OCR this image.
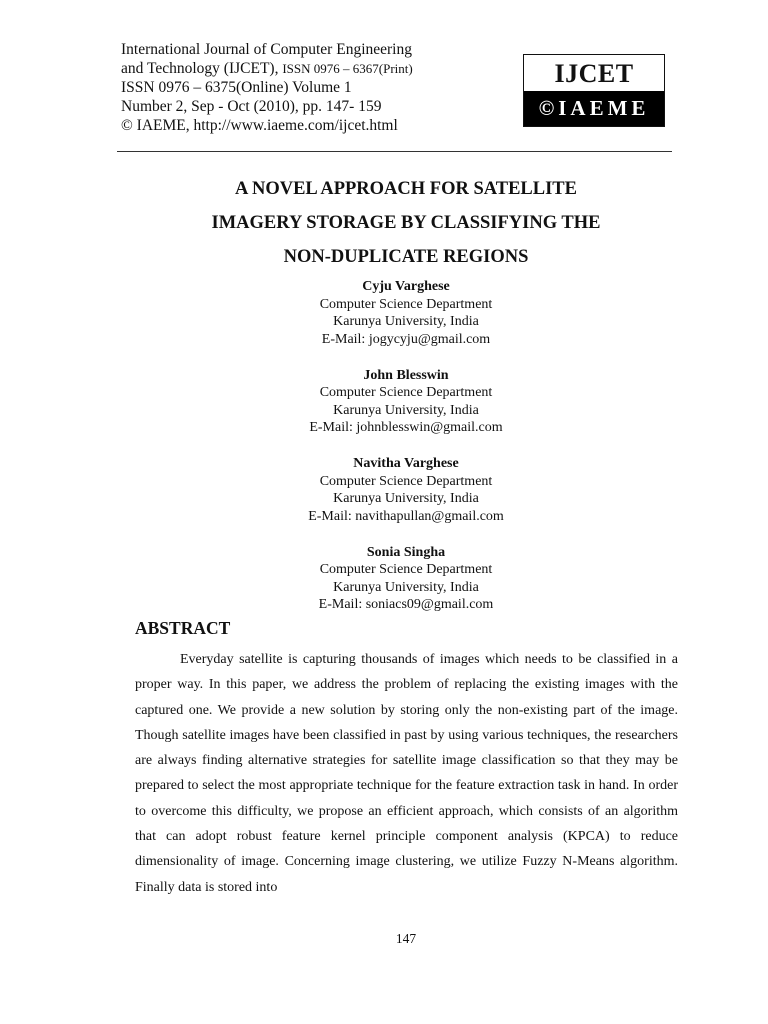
International Journal of Computer Engineering
and Technology (IJCET), ISSN 0976 – 6367(Print)
ISSN 0976 – 6375(Online) Volume 1
Number 2, Sep - Oct (2010), pp. 147- 159
© IAEME, http://www.iaeme.com/ijcet.html
IJCET
©IAEME
A NOVEL APPROACH FOR SATELLITE
IMAGERY STORAGE BY CLASSIFYING THE
NON-DUPLICATE REGIONS
Cyju Varghese
Computer Science Department
Karunya University, India
E-Mail: jogycyju@gmail.com
John Blesswin
Computer Science Department
Karunya University, India
E-Mail: johnblesswin@gmail.com
Navitha Varghese
Computer Science Department
Karunya University, India
E-Mail: navithapullan@gmail.com
Sonia Singha
Computer Science Department
Karunya University, India
E-Mail: soniacs09@gmail.com
ABSTRACT

Everyday satellite is capturing thousands of images which needs to be classified in a proper way. In this paper, we address the problem of replacing the existing images with the captured one. We provide a new solution by storing only the non-existing part of the image. Though satellite images have been classified in past by using various techniques, the researchers are always finding alternative strategies for satellite image classification so that they may be prepared to select the most appropriate technique for the feature extraction task in hand. In order to overcome this difficulty, we propose an efficient approach, which consists of an algorithm that can adopt robust feature kernel principle component analysis (KPCA) to reduce dimensionality of image. Concerning image clustering, we utilize Fuzzy N-Means algorithm. Finally data is stored into

147
